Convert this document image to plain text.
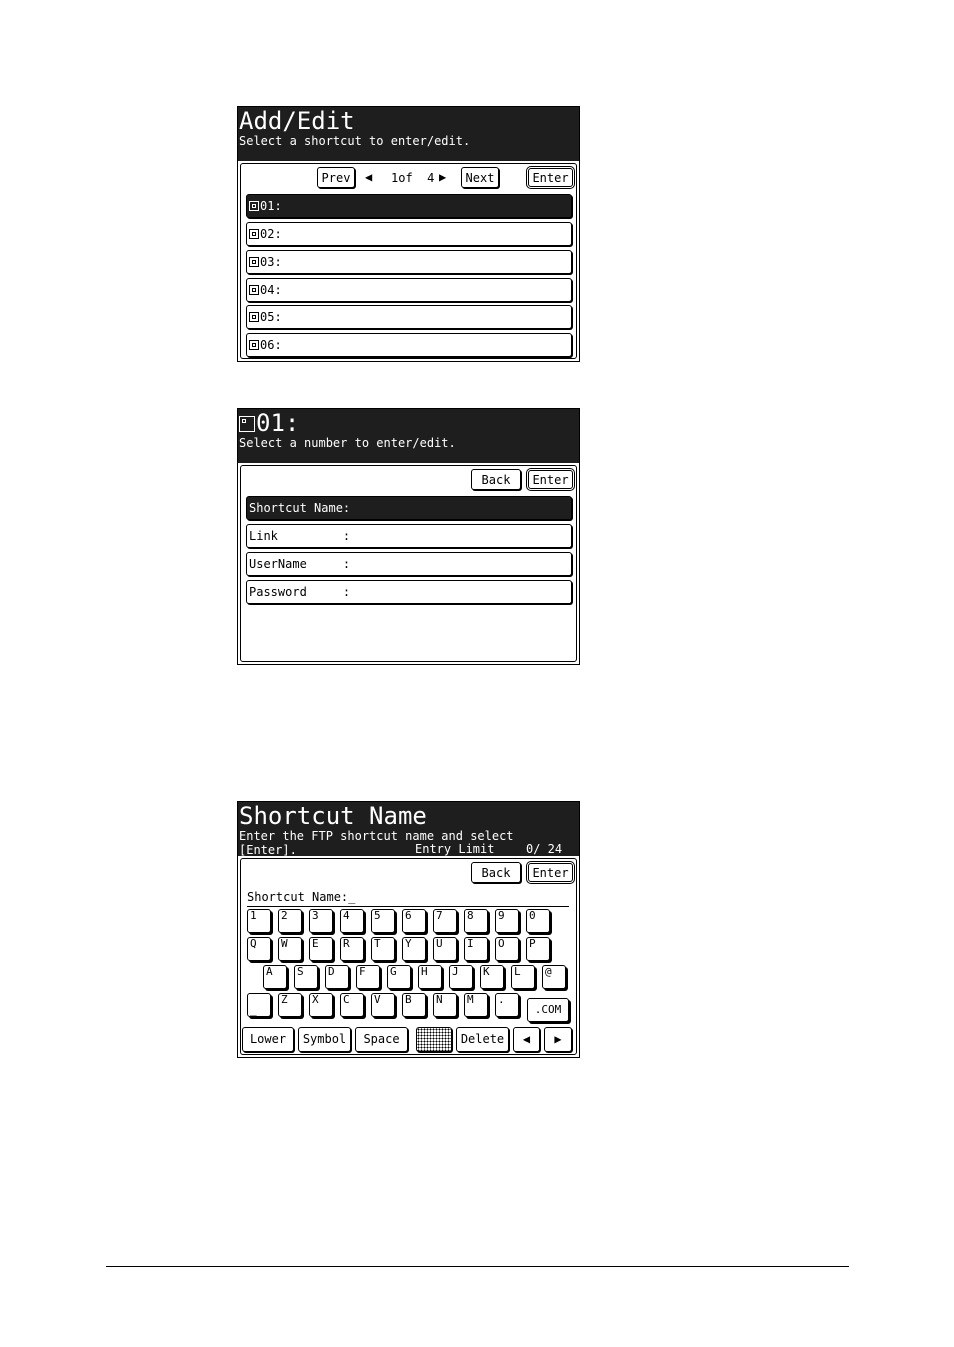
Add/Edit
Select a shortcut to enter/edit.
Prev	◀ 1of  4 ▶	Next	Enter
01:
02:
03:
04:
05:
06:
01:
Select a number to enter/edit.
Back	Enter
Shortcut Name:
Link         :
UserName     :
Password     :
Shortcut Name
Enter the FTP shortcut name and select
[Enter].	Entry Limit	0/ 24
Back	Enter
Shortcut Name:_
1	2	3	4	5	6	7	8	9	0
Q	W	E	R	T	Y	U	I	O	P
A	S	D	F	G	H	J	K	L	@
_
Z	X	C	V	B	N	M	.
.COM
Lower	Symbol	Space	Delete	◀	▶
